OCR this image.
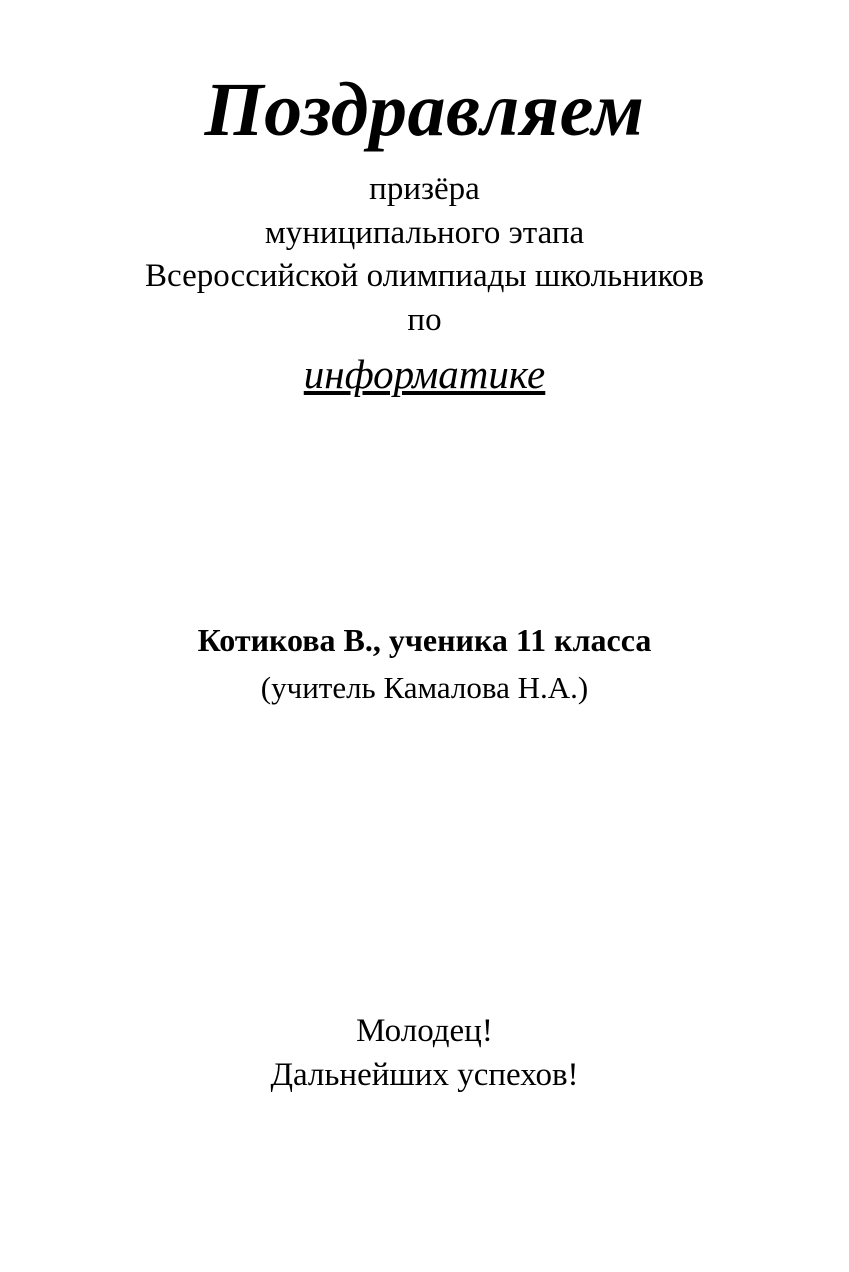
Поздравляем
призёра
муниципального этапа
Всероссийской олимпиады школьников
по
информатике
Котикова В., ученика 11 класса
(учитель Камалова Н.А.)
Молодец!
Дальнейших успехов!
